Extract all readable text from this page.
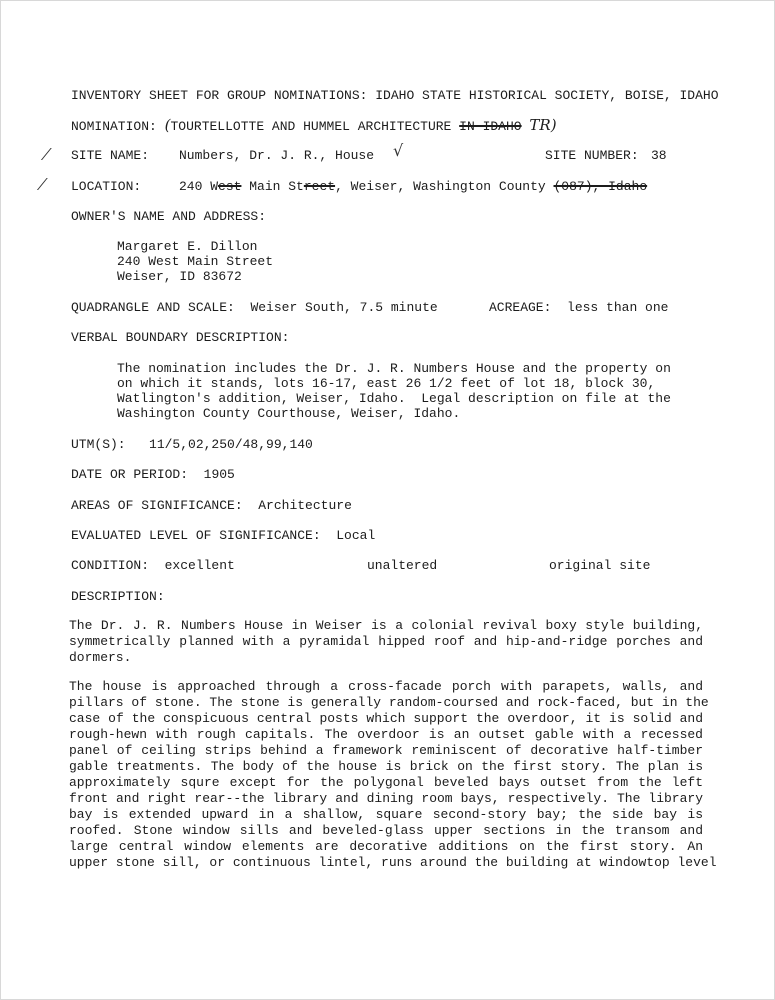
INVENTORY SHEET FOR GROUP NOMINATIONS: IDAHO STATE HISTORICAL SOCIETY, BOISE, IDAHO
NOMINATION: (TOURTELLOTTE AND HUMMEL ARCHITECTURE IN IDAHO TR)
⁄ SITE NAME: Numbers, Dr. J. R., House √	SITE NUMBER: 38
⁄ LOCATION:	240 West Main Street, Weiser, Washington County (087), Idaho
OWNER'S NAME AND ADDRESS:
Margaret E. Dillon
240 West Main Street
Weiser, ID 83672
QUADRANGLE AND SCALE: Weiser South, 7.5 minute	ACREAGE: less than one
VERBAL BOUNDARY DESCRIPTION:
The nomination includes the Dr. J. R. Numbers House and the property on
on which it stands, lots 16-17, east 26 1/2 feet of lot 18, block 30,
Watlington's addition, Weiser, Idaho.  Legal description on file at the
Washington County Courthouse, Weiser, Idaho.
UTM(S): 11/5,02,250/48,99,140
DATE OR PERIOD: 1905
AREAS OF SIGNIFICANCE: Architecture
EVALUATED LEVEL OF SIGNIFICANCE: Local
CONDITION: excellent	unaltered	original site
DESCRIPTION:
The Dr. J. R. Numbers House in Weiser is a colonial revival boxy style building,
symmetrically planned with a pyramidal hipped roof and hip-and-ridge porches and
dormers.
The house is approached through a cross-facade porch with parapets, walls, and
pillars of stone. The stone is generally random-coursed and rock-faced, but in the
case of the conspicuous central posts which support the overdoor, it is solid and
rough-hewn with rough capitals. The overdoor is an outset gable with a recessed
panel of ceiling strips behind a framework reminiscent of decorative half-timber
gable treatments. The body of the house is brick on the first story. The plan is
approximately squre except for the polygonal beveled bays outset from the left
front and right rear--the library and dining room bays, respectively. The library
bay is extended upward in a shallow, square second-story bay; the side bay is
roofed. Stone window sills and beveled-glass upper sections in the transom and
large central window elements are decorative additions on the first story. An
upper stone sill, or continuous lintel, runs around the building at windowtop level
